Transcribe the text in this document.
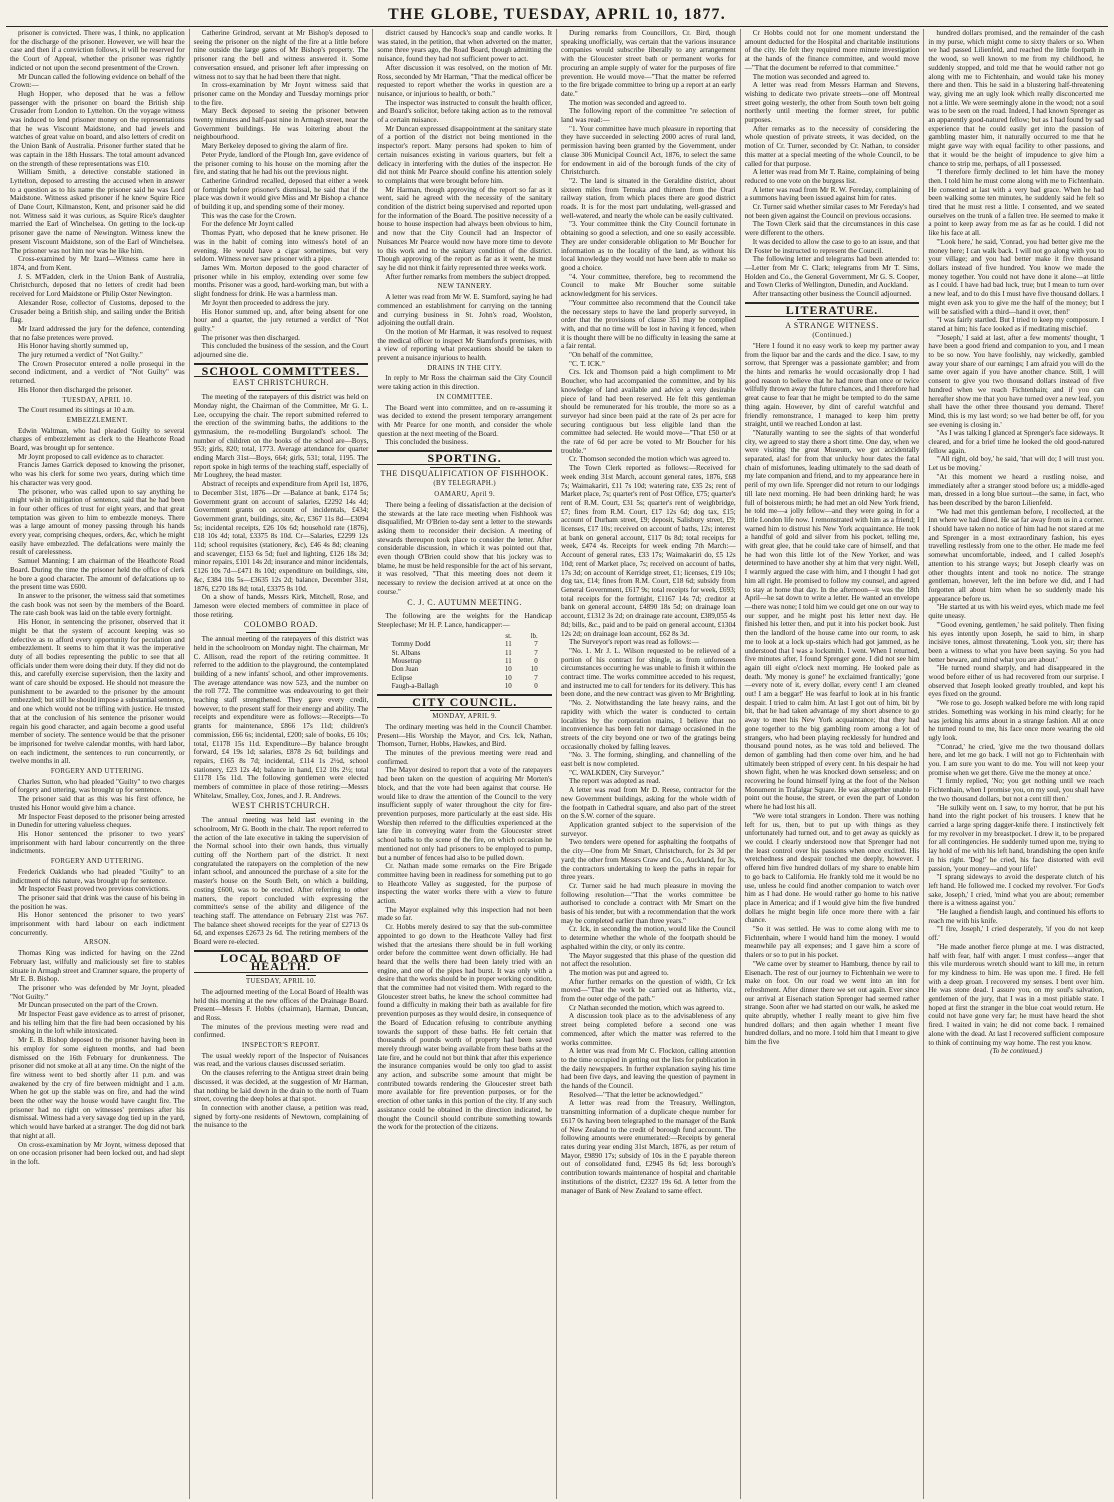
THE GLOBE, TUESDAY, APRIL 10, 1877.

prisoner is convicted. There was, I think, no application for the discharge of the prisoner. However, we will hear the case and then if a conviction follows, it will be reserved for the Court of Appeal, whether the prisoner was rightly indicted or not upon the second presentment of the Crown.

Mr Duncan called the following evidence on behalf of the Crown:—

Hugh Hopper, who deposed that he was a fellow passenger with the prisoner on board the British ship Crusader from London to Lyttelton. On the voyage witness was induced to lend prisoner money on the representations that he was Viscount Maidstone, and had jewels and watches of great value on board, and also letters of credit on the Union Bank of Australia. Prisoner further stated that he was captain in the 18th Hussars. The total amount advanced on the strength of these representations was £10.

William Smith, a detective constable stationed in Lyttelton, deposed to arresting the accused when in answer to a question as to his name the prisoner said he was Lord Maidstone. Witness asked prisoner if he knew Squire Rice of Dane Court, Kilmanston, Kent, and prisoner said he did not. Witness said it was curious, as Squire Rice's daughter married the Earl of Winchelsea. On getting to the lock-up prisoner gave the name of Newington. Witness knew the present Viscount Maidstone, son of the Earl of Winchelsea. The prisoner was not him nor was he like him.

Cross-examined by Mr Izard—Witness came here in 1874, and from Kent.

J. S. M'Fadden, clerk in the Union Bank of Australia, Christchurch, deposed that no letters of credit had been received for Lord Maidstone or Philip Oster Newington.

Alexander Rose, collector of Customs, deposed to the Crusader being a British ship, and sailing under the British flag.

Mr Izard addressed the jury for the defence, contending that no false pretences were proved.

His Honor having shortly summed up,

The jury returned a verdict of "Not Guilty."

The Crown Prosecutor entered a nolle prosequi in the second indictment, and a verdict of "Not Guilty" was returned.

His Honor then discharged the prisoner.

TUESDAY, APRIL 10.

The Court resumed its sittings at 10 a.m.

EMBEZZLEMENT.

Edwin Waltman, who had pleaded Guilty to several charges of embezzlement as clerk to the Heathcote Road Board, was brought up for sentence.

Mr Joynt proposed to call evidence as to character.

Francis James Garrick deposed to knowing the prisoner, who was his clerk for some two years, during which time his character was very good.

The prisoner, who was called upon to say anything he might wish in mitigation of sentence, said that he had been in four other offices of trust for eight years, and that great temptation was given to him to embezzle moneys. There was a large amount of money passing through his hands every year, comprising cheques, orders, &c, which he might easily have embezzled. The defalcations were mainly the result of carelessness.

Samuel Manning; I am chairman of the Heathcote Road Board. During the time the prisoner held the office of clerk he bore a good character. The amount of defalcations up to the present time was £600.

In answer to the prisoner, the witness said that sometimes the cash book was not seen by the members of the Board. The rate cash book was laid on the table every fortnight.

His Honor, in sentencing the prisoner, observed that it might be that the system of account keeping was so defective as to afford every opportunity for peculation and embezzlement. It seems to him that it was the imperative duty of all bodies representing the public to see that all officials under them were doing their duty. If they did not do this, and carefully exercise supervision, then the laxity and want of care should be exposed. He should not measure the punishment to be awarded to the prisoner by the amount embezzled; but still he should impose a substantial sentence, and one which would not be trifling with justice. He trusted that at the conclusion of his sentence the prisoner would regain his good character, and again become a good useful member of society. The sentence would be that the prisoner be imprisoned for twelve calendar months, with hard labor, on each indictment, the sentences to run concurrently, or twelve months in all.

FORGERY AND UTTERING.

Charles Sutton, who had pleaded "Guilty" to two charges of forgery and uttering, was brought up for sentence.

The prisoner said that as this was his first offence, he trusted his Honor would give him a chance.

Mr Inspector Feast deposed to the prisoner being arrested in Dunedin for uttering valueless cheques.

His Honor sentenced the prisoner to two years' imprisonment with hard labour concurrently on the three indictments.

FORGERY AND UTTERING.

Frederick Oaklands who had pleaded "Guilty" to an indictment of this nature, was brought up for sentence.

Mr Inspector Feast proved two previous convictions.

The prisoner said that drink was the cause of his being in the position he was.

His Honor sentenced the prisoner to two years' imprisonment with hard labour on each indictment concurrently.

ARSON.

Thomas King was indicted for having on the 22nd February last, wilfully and maliciously set fire to stables situate in Armagh street and Cramner square, the property of Mr E. B. Bishop.

The prisoner who was defended by Mr Joynt, pleaded "Not Guilty."

Mr Duncan prosecuted on the part of the Crown.

Mr Inspector Feast gave evidence as to arrest of prisoner, and his telling him that the fire had been occasioned by his smoking in the loft while intoxicated.

Mr E. B. Bishop deposed to the prisoner having been in his employ for some eighteen months, and had been dismissed on the 16th February for drunkenness. The prisoner did not smoke at all at any time. On the night of the fire witness went to bed shortly after 11 p.m. and was awakened by the cry of fire between midnight and 1 a.m. When he got up the stable was on fire, and had the wind been the other way the house would have caught fire. The prisoner had no right on witnesses' premises after his dismissal. Witness had a very savage dog tied up in the yard, which would have barked at a stranger. The dog did not bark that night at all.

On cross-examination by Mr Joynt, witness deposed that on one occasion prisoner had been locked out, and had slept in the loft.

Catherine Grindrod, servant at Mr Bishop's deposed to seeing the prisoner on the night of the fire at a little before nine outside the large gates of Mr Bishop's property. The prisoner rang the bell and witness answered it. Some conversation ensued, and prisoner left after impressing on witness not to say that he had been there that night.

In cross-examination by Mr Joynt witness said that prisoner came on the Monday and Tuesday mornings prior to the fire.

Mary Beck deposed to seeing the prisoner between twenty minutes and half-past nine in Armagh street, near the Government buildings. He was loitering about the neighbourhood.

Mary Berkeley deposed to giving the alarm of fire.

Peter Pryde, landlord of the Plough Inn, gave evidence of the prisoner coming to his house on the morning after the fire, and stating that he had his out the previous night.

Catherine Grindrod recalled, deposed that either a week or fortnight before prisoner's dismissal, he said that if the place was down it would give Miss and Mr Bishop a chance of building it up, and spending some of their money.

This was the case for the Crown.

For the defence Mr Joynt called

Thomas Pyatt, who deposed that he knew prisoner. He was in the habit of coming into witness's hotel of an evening. He would have a cigar sometimes, but very seldom. Witness never saw prisoner with a pipe.

James Wm. Morton deposed to the good character of prisoner while in his employ, extending over some few months. Prisoner was a good, hard-working man, but with a slight fondness for drink. He was a harmless man.

Mr Joynt then proceeded to address the jury.

His Honor summed up, and, after being absent for one hour and a quarter, the jury returned a verdict of "Not guilty."

The prisoner was then discharged.

This concluded the business of the session, and the Court adjourned sine die.

SCHOOL COMMITTEES.
EAST CHRISTCHURCH.

The meeting of the ratepayers of this district was held on Monday night, the Chairman of the Committee, Mr G. L. Lee, occupying the chair. The report submitted referred to the erection of the swimming baths, the additions to the gymnasium, the re-modelling Burgoland's school. The number of children on the books of the school are—Boys, 953; girls, 820; total, 1773. Average attendance for quarter ending March 31st—Boys, 664; girls, 531; total, 1195. The report spoke in high terms of the teaching staff, especially of Mr Loughrey, the head master.

Abstract of receipts and expenditure from April 1st, 1876, to December 31st, 1876—Dr —Balance at bank, £174 5s; Government grant on account of salaries, £2292 14s 4d; Government grants on account of incidentals, £434; Government grant, buildings, site, &c, £367 11s 8d—£3094 5s; incidental receipts, £26 10s 6d; household rate (1876), £18 10s 4d; total, £3375 8s 10d. Cr—Salaries, £2299 12s 11d; school requisites (stationery, &c), £46 4s 8d; cleaning and scavenger, £153 6s 5d; fuel and lighting, £126 18s 3d; minor repairs, £101 14s 2d; insurance and minor incidentals, £126 10s 7d—£471 8s 10d; expenditure on buildings, site, &c, £384 10s 5s—£3635 12s 2d; balance, December 31st, 1876, £270 18s 8d; total, £3375 8s 10d.

On a show of hands, Messrs Kirk, Mitchell, Rose, and Jameson were elected members of committee in place of those retiring.

COLOMBO ROAD.

The annual meeting of the ratepayers of this district was held in the schoolroom on Monday night. The chairman, Mr C. Allison, read the report of the retiring committee. It referred to the addition to the playground, the contemplated building of a new infants' school, and other improvements. The average attendance was now 523, and the number on the roll 772. The committee was endeavouring to get their teaching staff strengthened. They gave every credit, however, to the present staff for their energy and ability. The receipts and expenditure were as follows:—Receipts—To grants for maintenance, £866 17s 11d; children's commission, £66 6s; incidental, £200; sale of books, £6 10s; total, £1178 15s 11d. Expenditure—By balance brought forward, £4 19s 1d; salaries, £878 2s 6d; buildings and repairs, £165 8s 7d; incidental, £114 1s 2½d, school stationery, £23 12s 4d; balance in hand, £12 10s 2½; total £1178 15s 11d. The following gentlemen were elected members of committee in place of those retiring:—Messrs Whitelaw, Smalley, Cox, Jones, and J. R. Andrews.

WEST CHRISTCHURCH.

The annual meeting was held last evening in the schoolroom, Mr G. Booth in the chair. The report referred to the action of the late executive in taking the supervision of the Normal school into their own hands, thus virtually cutting off the Northern part of the district. It next congratulated the ratepayers on the completion of the new infant school, and announced the purchase of a site for the master's house on the South Belt, on which a building, costing £600, was to be erected. After referring to other matters, the report concluded with expressing the committee's sense of the ability and diligence of the teaching staff. The attendance on February 21st was 767. The balance sheet showed receipts for the year of £2713 0s 6d, and expenses £2673 2s 6d. The retiring members of the Board were re-elected.

LOCAL BOARD OF HEALTH.
TUESDAY, APRIL 10.

The adjourned meeting of the Local Board of Health was held this morning at the new offices of the Drainage Board. Present—Messrs F. Hobbs (chairman), Harman, Duncan, and Ross.

The minutes of the previous meeting were read and confirmed.

INSPECTOR'S REPORT.

The usual weekly report of the Inspector of Nuisances was read, and the various clauses discussed seriatim.

On the clauses referring to the Antigua street drain being discussed, it was decided, at the suggestion of Mr Harman, that nothing be laid down in the drain to the north of Tuam street, covering the deep holes at that spot.

In connection with another clause, a petition was read, signed by forty-one residents of Newtown, complaining of the nuisance to the

district caused by Hancock's soap and candle works. It was stated, in the petition, that when adverted on the matter, some three years ago, the Road Board, though admitting the nuisance, found they had not sufficient power to act.

After discussion it was resolved, on the motion of Mr. Ross, seconded by Mr Harman, "That the medical officer be requested to report whether the works in question are a nuisance, or injurious to health, or both."

The inspector was instructed to consult the health officer, and Board's solicitor, before taking action as to the removal of a certain nuisance.

Mr Duncan expressed disappointment at the sanitary state of a portion of the district not being mentioned in the inspector's report. Many persons had spoken to him of certain nuisances existing in various quarters, but felt a delicacy in interfering with the duties of the inspector. He did not think Mr Pearce should confine his attention solely to complaints that were brought before him.

Mr Harman, though approving of the report so far as it went, said he agreed with the necessity of the sanitary condition of the district being supervised and reported upon for the information of the Board. The positive necessity of a house to house inspection had always been obvious to him, and now that the City Council had an Inspector of Nuisances Mr Pearce would now have more time to devote to this work and to the sanitary condition of the district. Though approving of the report as far as it went, he must say he did not think it fairly represented three weeks work.

After further remarks from members the subject dropped.

NEW TANNERY.

A letter was read from Mr W. E. Stamford, saying he had commenced an establishment for carrying on the tanning and currying business in St. John's road, Woolston, adjoining the outfall drain.

On the motion of Mr Harman, it was resolved to request the medical officer to inspect Mr Stamford's premises, with a view of reporting what precautions should be taken to prevent a nuisance injurious to health.

DRAINS IN THE CITY.

In reply to Mr Ross the chairman said the City Council were taking action in this direction.

IN COMMITTEE.

The Board went into committee, and on re-assuming it was decided to extend the present temporary arrangement with Mr Pearce for one month, and consider the whole question at the next meeting of the Board.

This concluded the business.

SPORTING.
THE DISQUALIFICATION OF FISHHOOK.
(BY TELEGRAPH.)
OAMARU, April 9.

There being a feeling of dissatisfaction at the decision of the stewards at the late race meeting when Fishhook was disqualified, Mr O'Brien to-day sent a letter to the stewards asking them to reconsider their decision. A meeting of stewards thereupon took place to consider the letter. After considerable discussion, in which it was pointed out that, even though O'Brien could show that his jockey was to blame, he must be held responsible for the act of his servant, it was resolved, "That this meeting does not deem it necessary to review the decision arrived at at once on the course."

C. J. C. AUTUMN MEETING.

The following are the weights for the Handicap Steeplechase; Mr H. P. Lance, handicapper:—

	st.	lb.
Tommy Dodd	11	7
St. Albans	11	7
Mousetrap	11	0
Don Juan	10	10
Eclipse	10	7
Faugh-a-Ballagh	10	0
CITY COUNCIL.
MONDAY, APRIL 9.

The ordinary meeting was held in the Council Chamber. Present—His Worship the Mayor, and Crs. Ick, Nathan, Thomson, Turner, Hobbs, Hawkes, and Bird.

The minutes of the previous meeting were read and confirmed.

The Mayor desired to report that a vote of the ratepayers had been taken on the question of acquiring Mr Morten's block, and that the vote had been against that course. He would like to draw the attention of the Council to the very insufficient supply of water throughout the city for fire-prevention purposes, more particularly at the east side. His Worship then referred to the difficulties experienced at the late fire in conveying water from the Gloucester street school baths to the scene of the fire, on which occasion he mentioned not only had prisoners to be employed to pump, but a number of fences had also to be pulled down.

Cr. Nathan made some remarks on the Fire Brigade committee having been in readiness for something put to go to Heathcote Valley as suggested, for the purpose of inspecting the water works there with a view to future action.

The Mayor explained why this inspection had not been made so far.

Cr. Hobbs merely desired to say that the sub-committee appointed to go down to the Heathcote Valley had first wished that the artesians there should be in full working order before the committee went down officially. He had heard that the wells there had been lately tried with an engine, and one of the pipes had burst. It was only with a desire that the works should be in proper working condition, that the committee had not visited them. With regard to the Gloucester street baths, he knew the school committee had found a difficulty in making their bath as available for fire prevention purposes as they would desire, in consequence of the Board of Education refusing to contribute anything towards the support of these baths. He felt certain that thousands of pounds worth of property had been saved merely through water being available from these baths at the late fire, and he could not but think that after this experience the insurance companies would be only too glad to assist any action, and subscribe some amount that might be contributed towards rendering the Gloucester street bath more available for fire prevention purposes, or for the erection of other tanks in this portion of the city. If any such assistance could be obtained in the direction indicated, he thought the Council should contribute something towards the work for the protection of the citizens.

During remarks from Councillors, Cr. Bird, though speaking unofficially, was certain that the various insurance companies would subscribe liberally to any arrangement with the Gloucester street bath or permanent works for procuring an ample supply of water for the purposes of fire prevention. He would move—"That the matter be referred to the fire brigade committee to bring up a report at an early date."

The motion was seconded and agreed to.

The following report of the committee "re selection of land was read:—

"1. Your committee have much pleasure in reporting that they have succeeded in selecting 2000 acres of rural land, permission having been granted by the Government, under clause 306 Municipal Council Act, 1876, to select the same for endowment in aid of the borough funds of the city of Christchurch.

"2. The land is situated in the Geraldine district, about sixteen miles from Temuka and thirteen from the Orari railway station, from which places there are good district roads. It is for the most part undulating, well-grassed and well-watered, and nearly the whole can be easily cultivated.

"3. Your committee think the City Council fortunate in obtaining so good a selection, and one so easily accessible. They are under considerable obligation to Mr Boucher for information as to the locality of the land, as without his local knowledge they would not have been able to make so good a choice.

"4. Your committee, therefore, beg to recommend the Council to make Mr Boucher some suitable acknowledgment for his services.

"Your committee also recommend that the Council take the necessary steps to have the land properly surveyed, in order that the provisions of clause 351 may be complied with, and that no time will be lost in having it fenced, when it is thought there will be no difficulty in leasing the same at a fair rental.

"On behalf of the committee,

"C. T. ICK."

Crs. Ick and Thomson paid a high compliment to Mr Boucher, who had accompanied the committee, and by his knowledge of land available and advice a very desirable piece of land had been reserved. He felt this gentleman should be remunerated for his trouble, the more so as a surveyor had since been paid at the rate of 2s per acre for securing contiguous but less eligible land than the committee had selected. He would move—"That £50 or at the rate of 6d per acre be voted to Mr Boucher for his trouble."

Cr. Thomson seconded the motion which was agreed to.

The Town Clerk reported as follows:—Received for week ending 31st March, account general rates, 1876, £68 7s; Waimakariri, £11 7s 10d; watering rate, £35 2s; rent of Market place, 7s; quarter's rent of Post Office, £75; quarter's rent of R.M. Court, £31 5s; quarter's rent of weighbridge, £7; fines from R.M. Court, £17 12s 6d; dog tax, £15; account of Durham street, £9; deposit, Salisbury street, £9; licenses, £17 10s; received on account of baths, 12s; interest at bank on general account, £117 0s 8d; total receipts for week, £474 4s. Receipts for week ending 7th March:—Account of general rates, £33 17s; Waimakariri do, £5 12s 10d; rent of Market place, 7s; received on account of baths, 17s 3d; on account of Kerridge street, £1; licenses, £19 10s; dog tax, £14; fines from R.M. Court, £18 6d; subsidy from General Government, £617 9s; total receipts for week, £693; total receipts for the fortnight, £1167 14s 7d; creditor at bank on general account, £4890 18s 5d; on drainage loan account, £1312 3s 2d; on drainage rate account, £389,055 4s 8d; bills, &c., paid and to be paid on general account, £1304 12s 2d; on drainage loan account, £62 8s 3d.

The Surveyor's report was read as follows:—

"No. 1. Mr J. L. Wilson requested to be relieved of a portion of his contract for shingle, as from unforeseen circumstances occurring he was unable to finish it within the contract time. The works committee acceded to his request, and instructed me to call for tenders for its delivery. This has been done, and the new contract was given to Mr Brightling.

"No. 2. Notwithstanding the late heavy rains, and the rapidity with which the water is conducted to certain localities by the corporation mains, I believe that no inconvenience has been felt nor damage occasioned in the streets of the city beyond one or two of the gratings being occasionally choked by falling leaves.

"No. 3. The forming, shingling, and channelling of the east belt is now completed.

"C. WALKDEN, City Surveyor."

The report was adopted as read.

A letter was read from Mr D. Reese, contractor for the new Government buildings, asking for the whole width of the footpath in Cathedral square, and also part of the street on the S.W. corner of the square.

Application granted subject to the supervision of the surveyor.

Two tenders were opened for asphalting the footpaths of the city—One from Mr Smart, Christchurch, for 2s 3d per yard; the other from Messrs Craw and Co., Auckland, for 3s, the contractors undertaking to keep the paths in repair for three years.

Cr. Turner said he had much pleasure in moving the following resolution—"That the works committee be authorised to conclude a contract with Mr Smart on the basis of his tender, but with a recommendation that the work may be completed earlier than three years."

Cr. Ick, in seconding the motion, would like the Council to determine whether the whole of the footpath should be asphalted within the city, or only its centre.

The Mayor suggested that this phase of the question did not affect the resolution.

The motion was put and agreed to.

After further remarks on the question of width, Cr Ick moved—"That the work be carried out as hitherto, viz., from the outer edge of the path."

Cr Nathan seconded the motion, which was agreed to.

A discussion took place as to the advisableness of any street being completed before a second one was commenced, after which the matter was referred to the works committee.

A letter was read from Mr C. Flockton, calling attention to the time occupied in getting out the lists for publication in the daily newspapers. In further explanation saying his time had been five days, and leaving the question of payment in the hands of the Council.

Resolved—"That the letter be acknowledged."

A letter was read from the Treasury, Wellington, transmitting information of a duplicate cheque number for £617 0s having been telegraphed to the manager of the Bank of New Zealand to the credit of borough fund account. The following amounts were enumerated:—Receipts by general rates during year ending 31st March, 1876, as per return of Mayor, £9890 17s; subsidy of 10s in the £ payable thereon out of consolidated fund, £2945 8s 6d; less borough's contribution towards maintenance of hospital and charitable institutions of the district, £2327 19s 6d. A letter from the manager of Bank of New Zealand to same effect.

Cr Hobbs could not for one moment understand the amount deducted for the Hospital and charitable institutions of the city. He felt they required more minute investigation at the hands of the finance committee, and would move—"That the document be referred to that committee."

The motion was seconded and agreed to.

A letter was read from Messrs Harman and Stevens, wishing to dedicate two private streets—one off Montreal street going westerly, the other from South town belt going northerly until meeting the former street, for public purposes.

After remarks as to the necessity of considering the whole question of private streets, it was decided, on the motion of Cr. Turner, seconded by Cr. Nathan, to consider this matter at a special meeting of the whole Council, to be called for that purpose.

A letter was read from Mr T. Raine, complaining of being reduced to one vote on the burgess list.

A letter was read from Mr R. W. Fereday, complaining of a summons having been issued against him for rates.

Cr. Turner said whether similar cases to Mr Fereday's had not been given against the Council on previous occasions.

The Town Clerk said that the circumstances in this case were different to the others.

It was decided to allow the case to go to an issue, and that Dr Foster be instructed to represent the Council.

The following letter and telegrams had been attended to:—Letter from Mr C. Clark; telegrams from Mr T. Sims, Holden and Co., the General Government, Mr G. S. Cooper, and Town Clerks of Wellington, Dunedin, and Auckland.

After transacting other business the Council adjourned.

LITERATURE.
A STRANGE WITNESS.
(Continued.)

"Here I found it no easy work to keep my partner away from the liquor bar and the cards and the dice. I saw, to my sorrow, that Sprenger was a passionate gambler; and from the hints and remarks he would occasionally drop I had good reason to believe that he had more than once or twice wilfully thrown away the future chances, and I therefore had great cause to fear that he might be tempted to do the same thing again. However, by dint of careful watchful and friendly remonstrance, I managed to keep him pretty straight, until we reached London at last.

"Naturally wanting to see the sights of that wonderful city, we agreed to stay there a short time. One day, when we were visiting the great Museum, we got accidentally separated, alas! for from that unlucky hour dates the fatal chain of misfortunes, leading ultimately to the sad death of my late companion and friend, and to my appearance here in peril of my own life. Sprenger did not return to our lodgings till late next morning. He had been drinking hard; he was full of boisterous mirth; he had met an old New York friend, he told me—a jolly fellow—and they were going in for a little London life now. I remonstrated with him as a friend; I warned him to distrust his New York acquaintance. He took a handful of gold and silver from his pocket, telling me, with great glee, that he could take care of himself, and that he had won this little lot of the New Yorker, and was determined to have another shy at him that very night. Well, I warmly argued the case with him, and I thought I had got him all right. He promised to follow my counsel, and agreed to stay at home that day. In the afternoon—it was the 18th April—he sat down to write a letter. He wanted an envelope—there was none; I told him we could get one on our way to our supper, and he might post his letter next day. He finished his letter then, and put it into his pocket book. Just then the landlord of the house came into our room, to ask me to look at a lock up-stairs which had got jammed, as he understood that I was a locksmith. I went. When I returned, five minutes after, I found Sprenger gone. I did not see him again till eight o'clock next morning. He looked pale as death. 'My money is gone!' he exclaimed frantically; 'gone—every note of it, every dollar, every cent! I am cleaned out! I am a beggar!' He was fearful to look at in his frantic despair. I tried to calm him. At last I got out of him, bit by bit, that he had taken advantage of my short absence to go away to meet his New York acquaintance; that they had gone together to the big gambling room among a lot of strangers, who had been playing recklessly for hundred and thousand pound notes, as he was told and believed. The demon of gambling had then come over him, and he had ultimately been stripped of every cent. In his despair he had shown fight, when he was knocked down senseless; and on recovering he found himself lying at the foot of the Nelson Monument in Trafalgar Square. He was altogether unable to point out the house, the street, or even the part of London where he had lost his all.

"We were total strangers in London. There was nothing left for us, then, but to put up with things as they unfortunately had turned out, and to get away as quickly as we could. I clearly understood now that Sprenger had not the least control over his passions when once excited. His wretchedness and despair touched me deeply, however. I offered him five hundred dollars of my share to enable him to go back to California. He frankly told me it would be no use, unless he could find another companion to watch over him as I had done. He would rather go home to his native place in America; and if I would give him the five hundred dollars he might begin life once more there with a fair chance.

"So it was settled. He was to come along with me to Fichtenhain, where I would hand him the money. I would meanwhile pay all expenses; and I gave him a score of thalers or so to put in his pocket.

"We came over by steamer to Hamburg, thence by rail to Eisenach. The rest of our journey to Fichtenhain we were to make on foot. On our road we went into an inn for refreshment. After dinner there we set out again. Ever since our arrival at Eisenach station Sprenger had seemed rather strange. Soon after we had started on our walk, he asked me quite abruptly, whether I really meant to give him five hundred dollars; and then again whether I meant five hundred dollars, and no more. I told him that I meant to give him the five

hundred dollars promised, and the remainder of the cash in my purse, which might come to sixty thalers or so. When we had passed Lilienfeld, and reached the little footpath in the wood, so well known to me from my childhood, he suddenly stopped, and told me that he would rather not go along with me to Fichtenhain, and would take his money there and then. This he said in a blustering half-threatening way, giving me an ugly look which really disconcerted me not a little. We were seemingly alone in the wood; not a soul was to be seen on the road. Indeed, I had known Sprenger as an apparently good-natured fellow; but as I had found by sad experience that he could easily get into the passion of gambling master him, it naturally occurred to me that he might gave way with equal facility to other passions, and that it would be the height of impudence to give him a chance to strip me, perhaps, of all I possessed.

"I therefore firmly declined to let him have the money then. I told him he must come along with me to Fichtenhain. He consented at last with a very bad grace. When he had been walking some ten minutes, he suddenly said he felt so tired that he must rest a little. I consented, and we seated ourselves on the trunk of a fallen tree. He seemed to make it a point to keep away from me as far as he could. I did not like his face at all.

"'Look here,' he said, 'Conrad, you had better give me the money here; I can walk back. I will not go along with you to your village; and you had better make it five thousand dollars instead of five hundred. You know we made the money together. You could not have done it alone—at little as I could. I have had bad luck, true; but I mean to turn over a new leaf, and to do this I must have five thousand dollars. I might even ask you to give me the half of the money; but I will be satisfied with a third—hand it over, then!'

"I was fairly startled. But I tried to keep my composure. I stared at him; his face looked as if meditating mischief.

"'Joseph,' I said at last, after a few moments' thought, 'I have been a good friend and companion to you, and I mean to be so now. You have foolishly, nay wickedly, gambled away your share of our earnings; I am afraid you will do the same over again if you have another chance. Still, I will consent to give you two thousand dollars instead of five hundred when we reach Fichtenhain; and if you can hereafter show me that you have turned over a new leaf, you shall have the other three thousand you demand. There! Mind, this is my last word; so we had better be off, for you see evening is closing in.'

"As I was talking I glanced at Sprenger's face sideways. It cleared, and for a brief time he looked the old good-natured fellow again.

"'All right, old boy,' he said, 'that will do; I will trust you. Let us be moving.'

"At this moment we heard a rustling noise, and immediately after a stranger stood before us; a middle-aged man, dressed in a long blue surtout—the same, in fact, who has been described by the baron Lilienfeld.

"We had met this gentleman before, I recollected, at the inn where we had dined. He sat far away from us in a corner. I should have taken no notice of him had he not stared at me and Sprenger in a most extraordinary fashion, his eyes travelling restlessly from one to the other. He made me feel somewhat uncomfortable, indeed, and I called Joseph's attention to his strange ways; but Joseph clearly was on other thoughts intent and took no notice. The strange gentleman, however, left the inn before we did, and I had forgotten all about him when he so suddenly made his appearance before us.

"He started at us with his weird eyes, which made me feel quite uneasy.

"'Good evening, gentlemen,' he said politely. Then fixing his eyes intently upon Joseph, he said to him, in sharp incisive tones, almost threatening, 'Look you, sir; there has been a witness to what you have been saying. So you had better beware, and mind what you are about.'

"He turned round sharply, and had disappeared in the wood before either of us had recovered from our surprise. I observed that Joseph looked greatly troubled, and kept his eyes fixed on the ground.

"We rose to go. Joseph walked before me with long rapid strides. Something was working in his mind clearly; for he was jerking his arms about in a strange fashion. All at once he turned round to me, his face once more wearing the old ugly look.

"'Conrad,' he cried, 'give me the two thousand dollars here, and let me go back. I will not go to Fichtenhain with you. I am sure you want to do me. You will not keep your promise when we get there. Give me the money at once.'

"I firmly replied, 'No; you get nothing until we reach Fichtenhain, when I promise you, on my soul, you shall have the two thousand dollars, but not a cent till then.'

"He sulkily went on. I saw, to my horror, that he put his hand into the right pocket of his trousers. I knew that he carried a large spring dagger-knife there. I instinctively felt for my revolver in my breastpocket. I drew it, to be prepared for all contingencies. He suddenly turned upon me, trying to lay hold of me with his left hand, brandishing the open knife in his right. 'Dog!' he cried, his face distorted with evil passion, 'your money—and your life!'

"I sprang sideways to avoid the desperate clutch of his left hand. He followed me. I cocked my revolver. 'For God's sake, Joseph,' I cried, 'mind what you are about; remember there is a witness against you.'

"He laughed a fiendish laugh, and continued his efforts to reach me with his knife.

"'I fire, Joseph,' I cried desperately, 'if you do not keep off.'

"He made another fierce plunge at me. I was distracted, half with fear, half with anger. I must confess—anger that this vile murderous wretch should want to kill me, in return for my kindness to him. He was upon me. I fired. He fell with a deep groan. I recovered my senses. I bent over him. He was stone dead. I assure you, on my soul's salvation, gentlemen of the jury, that I was in a most pitiable state. I hoped at first the stranger in the blue coat would return. He could not have gone very far; he must have heard the shot fired. I waited in vain; he did not come back. I remained alone with the dead. At last I recovered sufficient composure to think of continuing my way home. The rest you know.

(To be continued.)
